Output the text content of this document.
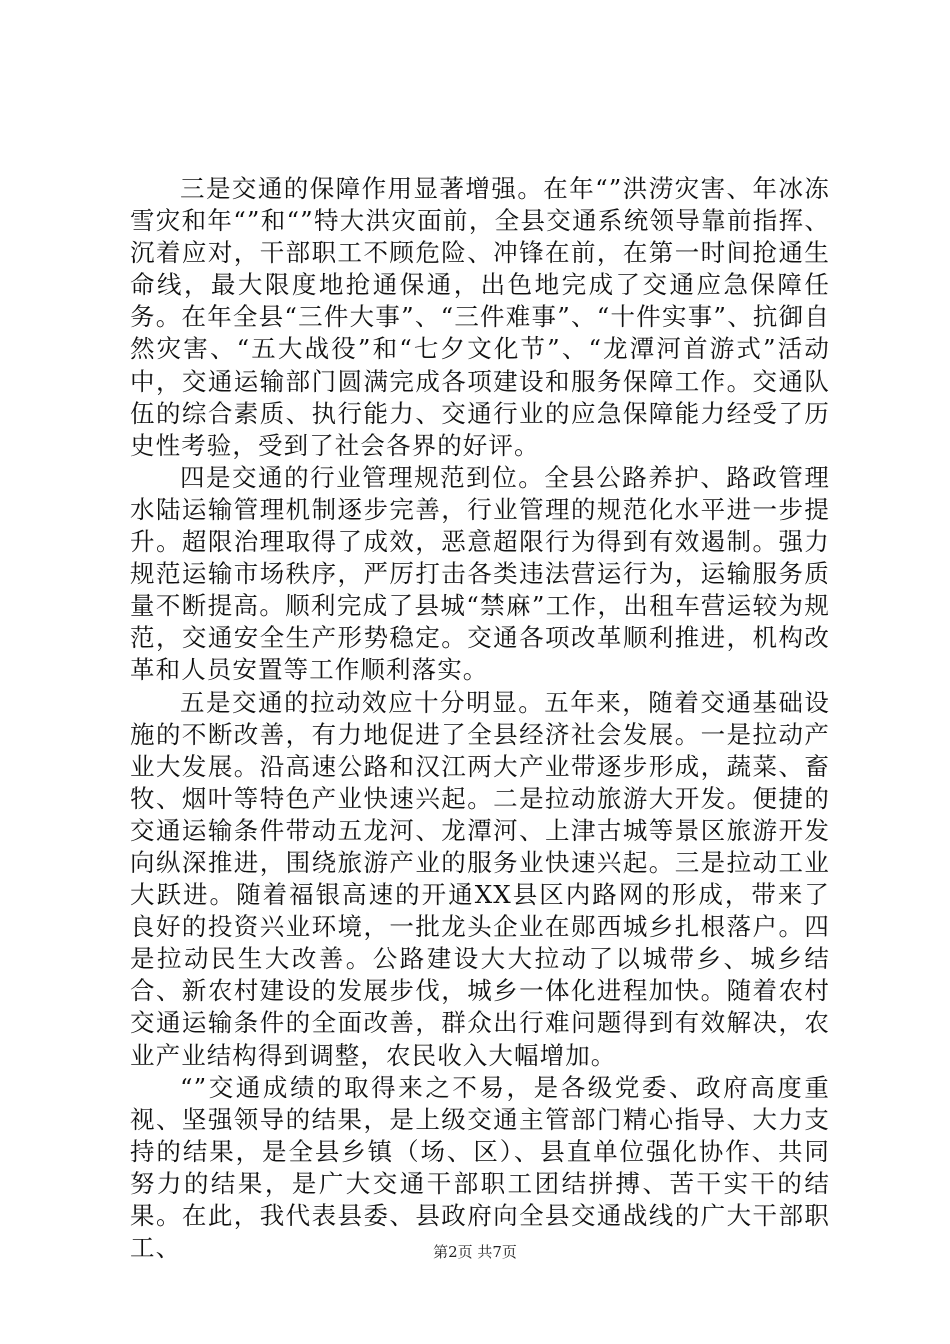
三是交通的保障作用显著增强。在年“”洪涝灾害、年冰冻雪灾和年“”和“”特大洪灾面前，全县交通系统领导靠前指挥、沉着应对，干部职工不顾危险、冲锋在前，在第一时间抢通生命线，最大限度地抢通保通，出色地完成了交通应急保障任务。在年全县“三件大事”、“三件难事”、“十件实事”、抗御自然灾害、“五大战役”和“七夕文化节”、“龙潭河首游式”活动中，交通运输部门圆满完成各项建设和服务保障工作。交通队伍的综合素质、执行能力、交通行业的应急保障能力经受了历史性考验，受到了社会各界的好评。

四是交通的行业管理规范到位。全县公路养护、路政管理水陆运输管理机制逐步完善，行业管理的规范化水平进一步提升。超限治理取得了成效，恶意超限行为得到有效遏制。强力规范运输市场秩序，严厉打击各类违法营运行为，运输服务质量不断提高。顺利完成了县城“禁麻”工作，出租车营运较为规范，交通安全生产形势稳定。交通各项改革顺利推进，机构改革和人员安置等工作顺利落实。

五是交通的拉动效应十分明显。五年来，随着交通基础设施的不断改善，有力地促进了全县经济社会发展。一是拉动产业大发展。沿高速公路和汉江两大产业带逐步形成，蔬菜、畜牧、烟叶等特色产业快速兴起。二是拉动旅游大开发。便捷的交通运输条件带动五龙河、龙潭河、上津古城等景区旅游开发向纵深推进，围绕旅游产业的服务业快速兴起。三是拉动工业大跃进。随着福银高速的开通XX县区内路网的形成，带来了良好的投资兴业环境，一批龙头企业在郧西城乡扎根落户。四是拉动民生大改善。公路建设大大拉动了以城带乡、城乡结合、新农村建设的发展步伐，城乡一体化进程加快。随着农村交通运输条件的全面改善，群众出行难问题得到有效解决，农业产业结构得到调整，农民收入大幅增加。

“”交通成绩的取得来之不易，是各级党委、政府高度重视、坚强领导的结果，是上级交通主管部门精心指导、大力支持的结果，是全县乡镇（场、区）、县直单位强化协作、共同努力的结果，是广大交通干部职工团结拼搏、苦干实干的结果。在此，我代表县委、县政府向全县交通战线的广大干部职工、	第2页 共7页
